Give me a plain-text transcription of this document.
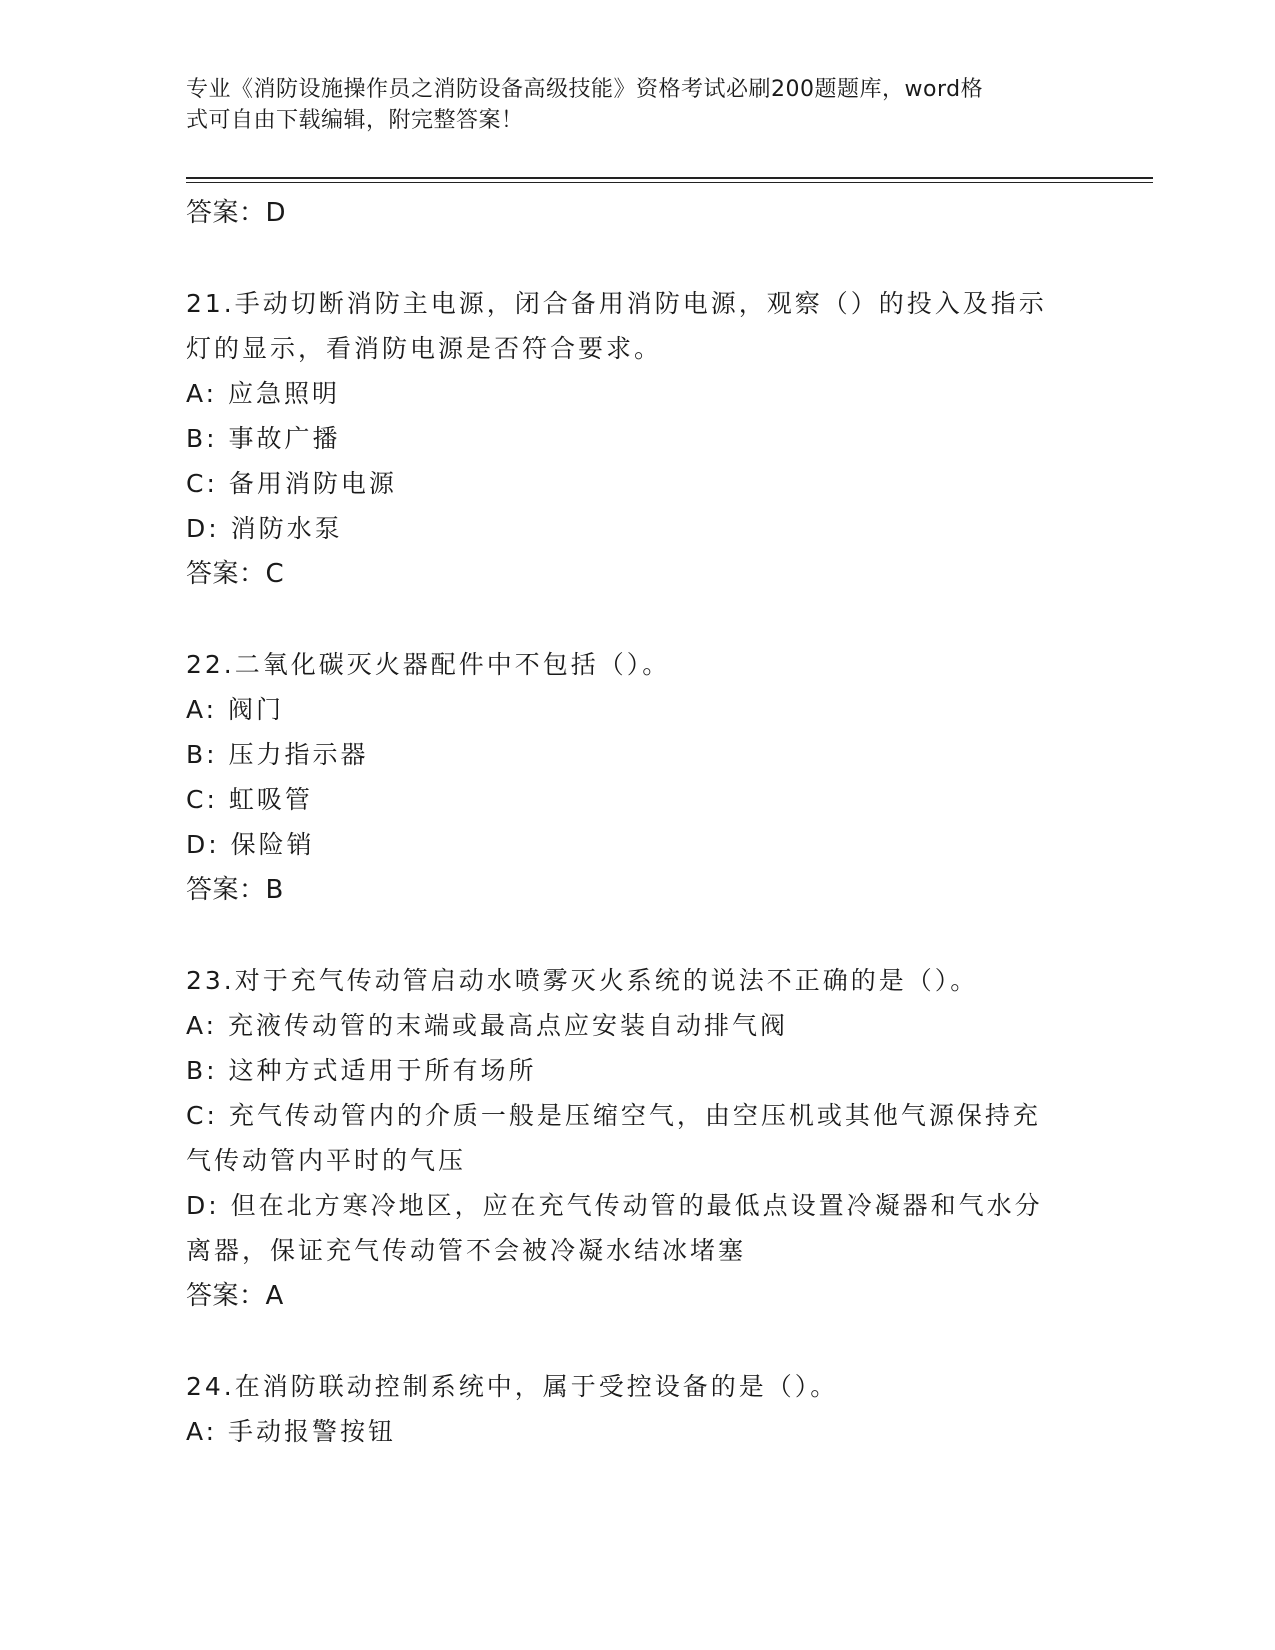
专业《消防设施操作员之消防设备高级技能》资格考试必刷200题题库，word格
式可自由下载编辑，附完整答案！
答案：D
21.手动切断消防主电源，闭合备用消防电源，观察（）的投入及指示
灯的显示，看消防电源是否符合要求。
A: 应急照明
B: 事故广播
C: 备用消防电源
D: 消防水泵
答案：C
22.二氧化碳灭火器配件中不包括（）。
A: 阀门
B: 压力指示器
C: 虹吸管
D: 保险销
答案：B
23.对于充气传动管启动水喷雾灭火系统的说法不正确的是（）。
A: 充液传动管的末端或最高点应安装自动排气阀
B: 这种方式适用于所有场所
C: 充气传动管内的介质一般是压缩空气，由空压机或其他气源保持充
气传动管内平时的气压
D: 但在北方寒冷地区，应在充气传动管的最低点设置冷凝器和气水分
离器，保证充气传动管不会被冷凝水结冰堵塞
答案：A
24.在消防联动控制系统中，属于受控设备的是（）。
A: 手动报警按钮
